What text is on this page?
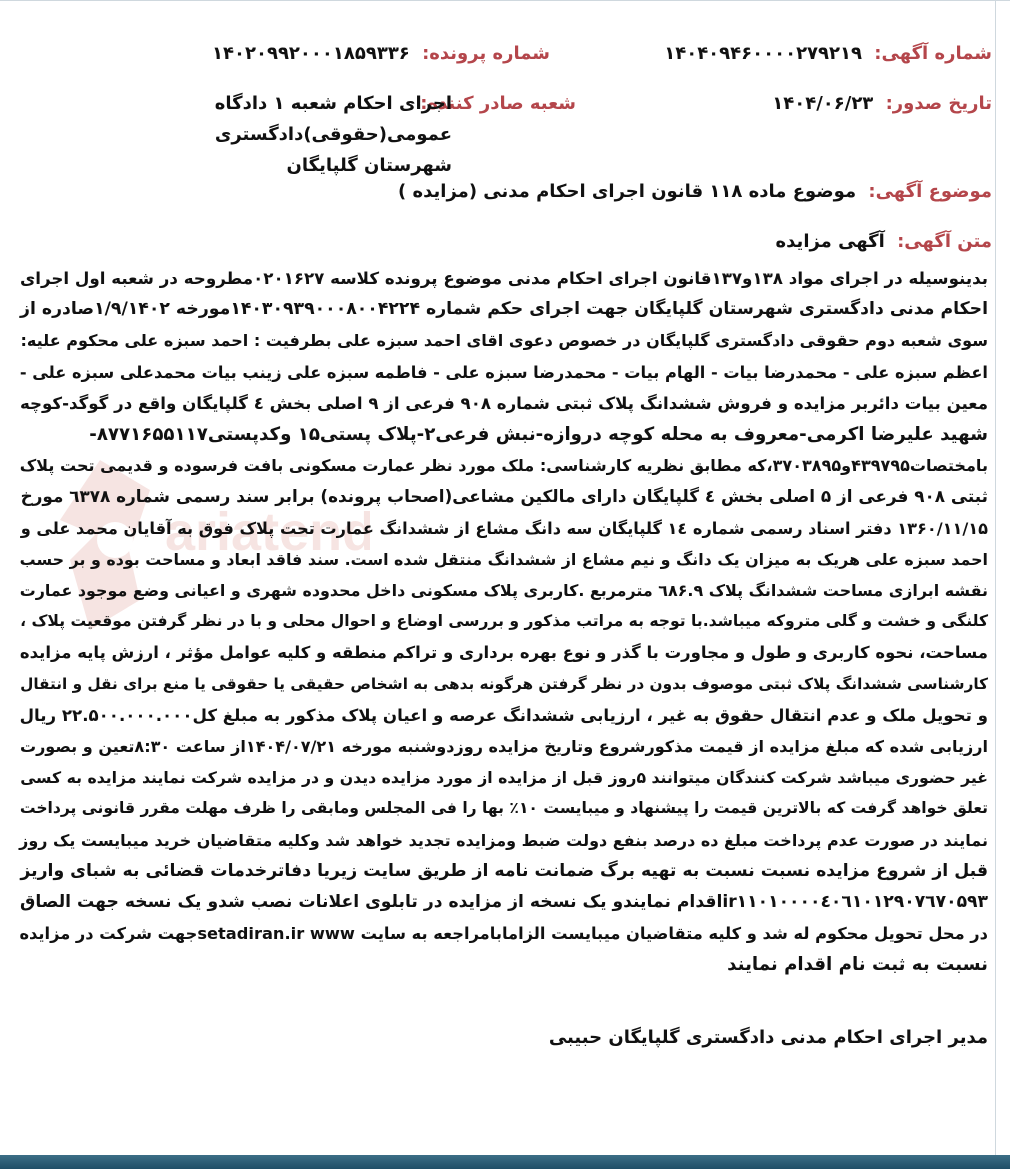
ariatend
شماره آگهی: ۱۴۰۴۰۹۴۶۰۰۰۰۲۷۹۲۱۹
شماره پرونده: ۱۴۰۲۰۹۹۲۰۰۰۱۸۵۹۳۳۶
تاریخ صدور: ۱۴۰۴/۰۶/۲۳
شعبه صادر کننده:
اجرای احکام شعبه ۱ دادگاه عمومی(حقوقی)دادگستری
شهرستان گلپایگان
موضوع آگهی: موضوع ماده ۱۱۸ قانون اجرای احکام مدنی (مزایده )
متن آگهی: آگهی مزایده

بدینوسیله در اجرای مواد ۱۳۸و۱۳۷قانون اجرای احکام مدنی موضوع پرونده کلاسه ۰۲۰۱۶۲۷مطروحه در شعبه اول اجرای

احکام مدنی دادگستری شهرستان گلپایگان جهت اجرای حکم شماره ۱۴۰۳۰۹۳۹۰۰۰۸۰۰۴۲۲۴مورخه ۱/۹/۱۴۰۲صادره از

سوی شعبه دوم حقوقی دادگستری گلپایگان در خصوص دعوی اقای احمد سبزه علی بطرفیت : احمد سبزه علی محکوم علیه:

اعظم سبزه علی - محمدرضا بیات - الهام بیات - محمدرضا سبزه علی - فاطمه سبزه علی زینب بیات محمدعلی سبزه علی -

معین بیات دائربر مزایده و فروش ششدانگ پلاک ثبتی شماره ۹۰۸ فرعی از ۹ اصلی بخش ٤ گلپایگان واقع در گوگد-کوچه

شهید علیرضا اکرمی-معروف به محله کوچه دروازه-نبش فرعی۲-پلاک پستی۱۵ وکدپستی۸۷۷۱۶۵۵۱۱۷-

بامختصات۴۳۹۷۹۵و۳۷۰۳۸۹۵،که مطابق نظریه کارشناسی: ملک مورد نظر عمارت مسکونی بافت فرسوده و قدیمی تحت پلاک

ثبتی ۹۰۸ فرعی از ۵ اصلی بخش ٤ گلپایگان دارای مالکین مشاعی(اصحاب پرونده) برابر سند رسمی شماره ٦۳۷۸ مورخ

۱۳۶۰/۱۱/۱۵ دفتر اسناد رسمی شماره ۱٤ گلپایگان سه دانگ مشاع از ششدانگ عمارت تحت پلاک فوق به آقایان محمد علی و

احمد سبزه علی هریک به میزان یک دانگ و نیم مشاع از ششدانگ منتقل شده است. سند فاقد ابعاد و مساحت بوده و بر حسب

نقشه ابرازی مساحت ششدانگ پلاک ٦۸۶.۹ مترمربع .کاربری پلاک مسکونی داخل محدوده شهری و اعیانی وضع موجود عمارت

کلنگی و خشت و گلی متروکه میباشد.با توجه به مراتب مذکور و بررسی اوضاع و احوال محلی و با در نظر گرفتن موقعیت پلاک ،

مساحت، نحوه کاربری و طول و مجاورت با گذر و نوع بهره برداری و تراکم منطقه و کلیه عوامل مؤثر ، ارزش پایه مزایده

کارشناسی ششدانگ پلاک ثبتی موصوف بدون در نظر گرفتن هرگونه بدهی به اشخاص حقیقی یا حقوقی یا منع برای نقل و انتقال

و تحویل ملک و عدم انتقال حقوق به غیر ، ارزیابی ششدانگ عرصه و اعیان پلاک مذکور به مبلغ کل۲۲.۵۰۰.۰۰۰.۰۰۰ ریال

ارزیابی شده که مبلغ مزایده از قیمت مذکورشروع وتاریخ مزایده روزدوشنبه مورخه ۱۴۰۴/۰۷/۲۱از ساعت ۸:۳۰تعین و بصورت

غیر حضوری میباشد شرکت کنندگان میتوانند ۵روز قبل از مزایده از مورد مزایده دیدن و در مزایده شرکت نمایند مزایده به کسی

تعلق خواهد گرفت که بالاترین قیمت را پیشنهاد و میبایست ۱۰٪ بها را فی المجلس ومابقی را ظرف مهلت مقرر قانونی پرداخت

نمایند در صورت عدم پرداخت مبلغ ده درصد بنفع دولت ضبط ومزایده تجدید خواهد شد وکلیه متقاضیان خرید میبایست یک روز

قبل از شروع مزایده نسبت نسبت به تهیه برگ ضمانت نامه از طریق سایت زیریا دفاترخدمات قضائی به شبای واریز

ir۱۱۰۱۰۰۰۰٤۰٦۱۰۱۲۹۰۷٦۷۰۵۹۳اقدام نمایندو یک نسخه از مزایده در تابلوی اعلانات نصب شدو یک نسخه جهت الصاق

در محل تحویل محکوم له شد و کلیه متقاضیان میبایست الزامابامراجعه به سایت setadiran.ir wwwجهت شرکت در مزایده

نسبت به ثبت نام اقدام نمایند

مدیر اجرای احکام مدنی دادگستری گلپایگان حبیبی
